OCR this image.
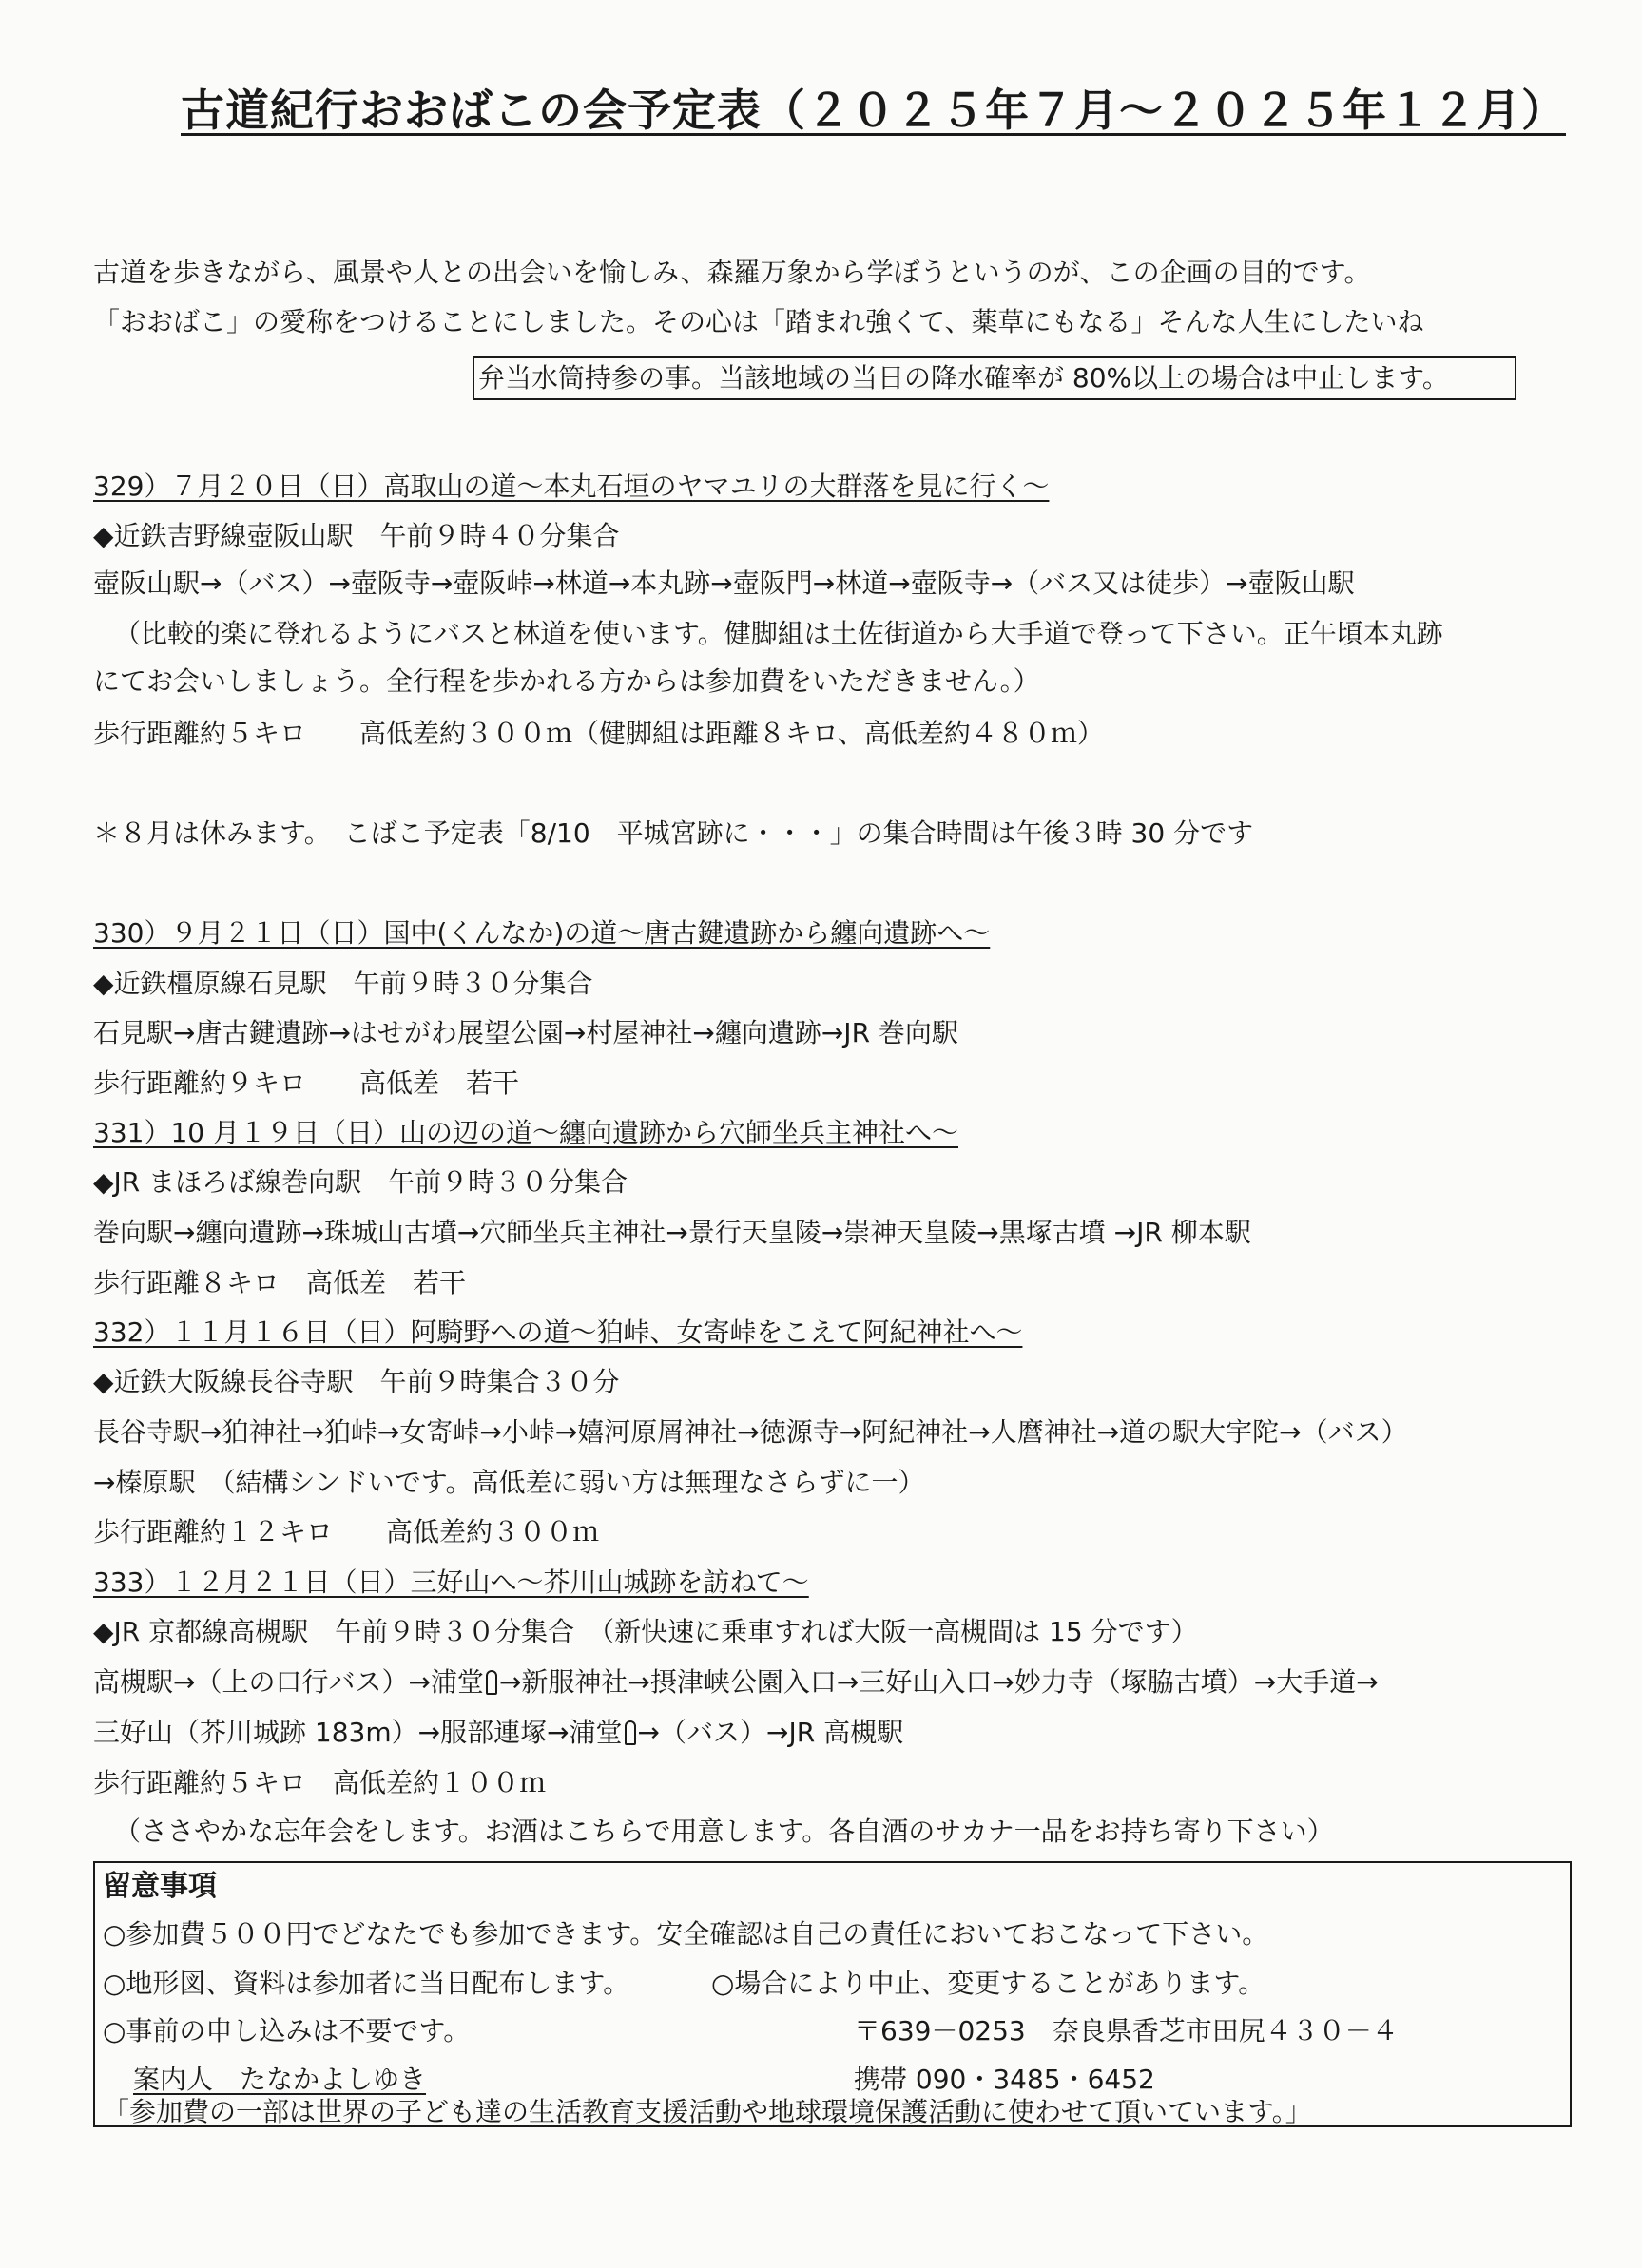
古道紀行おおばこの会予定表（２０２５年７月～２０２５年１２月）
古道を歩きながら、風景や人との出会いを愉しみ、森羅万象から学ぼうというのが、この企画の目的です。
「おおばこ」の愛称をつけることにしました。その心は「踏まれ強くて、薬草にもなる」そんな人生にしたいね
弁当水筒持参の事。当該地域の当日の降水確率が 80%以上の場合は中止します。
329）７月２０日（日）高取山の道～本丸石垣のヤマユリの大群落を見に行く～
◆近鉄吉野線壺阪山駅　午前９時４０分集合
壺阪山駅→（バス）→壺阪寺→壺阪峠→林道→本丸跡→壺阪門→林道→壺阪寺→（バス又は徒歩）→壺阪山駅
（比較的楽に登れるようにバスと林道を使います。健脚組は土佐街道から大手道で登って下さい。正午頃本丸跡
にてお会いしましょう。全行程を歩かれる方からは参加費をいただきません。）
歩行距離約５キロ　　高低差約３００ｍ（健脚組は距離８キロ、高低差約４８０ｍ）
＊８月は休みます。　こばこ予定表「8/10　平城宮跡に・・・」の集合時間は午後３時 30 分です
330）９月２１日（日）国中(くんなか)の道～唐古鍵遺跡から纏向遺跡へ～
◆近鉄橿原線石見駅　午前９時３０分集合
石見駅→唐古鍵遺跡→はせがわ展望公園→村屋神社→纏向遺跡→JR 巻向駅
歩行距離約９キロ　　高低差　若干
331）10 月１９日（日）山の辺の道～纏向遺跡から穴師坐兵主神社へ～
◆JR まほろば線巻向駅　午前９時３０分集合
巻向駅→纏向遺跡→珠城山古墳→穴師坐兵主神社→景行天皇陵→崇神天皇陵→黒塚古墳 →JR 柳本駅
歩行距離８キロ　高低差　若干
332）１１月１６日（日）阿騎野への道～狛峠、女寄峠をこえて阿紀神社へ～
◆近鉄大阪線長谷寺駅　午前９時集合３０分
長谷寺駅→狛神社→狛峠→女寄峠→小峠→嬉河原屑神社→徳源寺→阿紀神社→人麿神社→道の駅大宇陀→（バス）
→榛原駅　（結構シンドいです。高低差に弱い方は無理なさらずに一）
歩行距離約１２キロ　　高低差約３００ｍ
333）１２月２１日（日）三好山へ～芥川山城跡を訪ねて～
◆JR 京都線高槻駅　午前９時３０分集合　（新快速に乗車すれば大阪一高槻間は 15 分です）
高槻駅→（上の口行バス）→浦堂 →新服神社→摂津峡公園入口→三好山入口→妙力寺（塚脇古墳）→大手道→
三好山（芥川城跡 183m）→服部連塚→浦堂 →（バス）→JR 高槻駅
歩行距離約５キロ　高低差約１００ｍ
（ささやかな忘年会をします。お酒はこちらで用意します。各自酒のサカナ一品をお持ち寄り下さい）
留意事項
○参加費５００円でどなたでも参加できます。安全確認は自己の責任においておこなって下さい。
○地形図、資料は参加者に当日配布します。	○場合により中止、変更することがあります。
○事前の申し込みは不要です。	〒639－0253　奈良県香芝市田尻４３０－４
案内人　たなかよしゆき	携帯 090・3485・6452
「参加費の一部は世界の子ども達の生活教育支援活動や地球環境保護活動に使わせて頂いています。」
